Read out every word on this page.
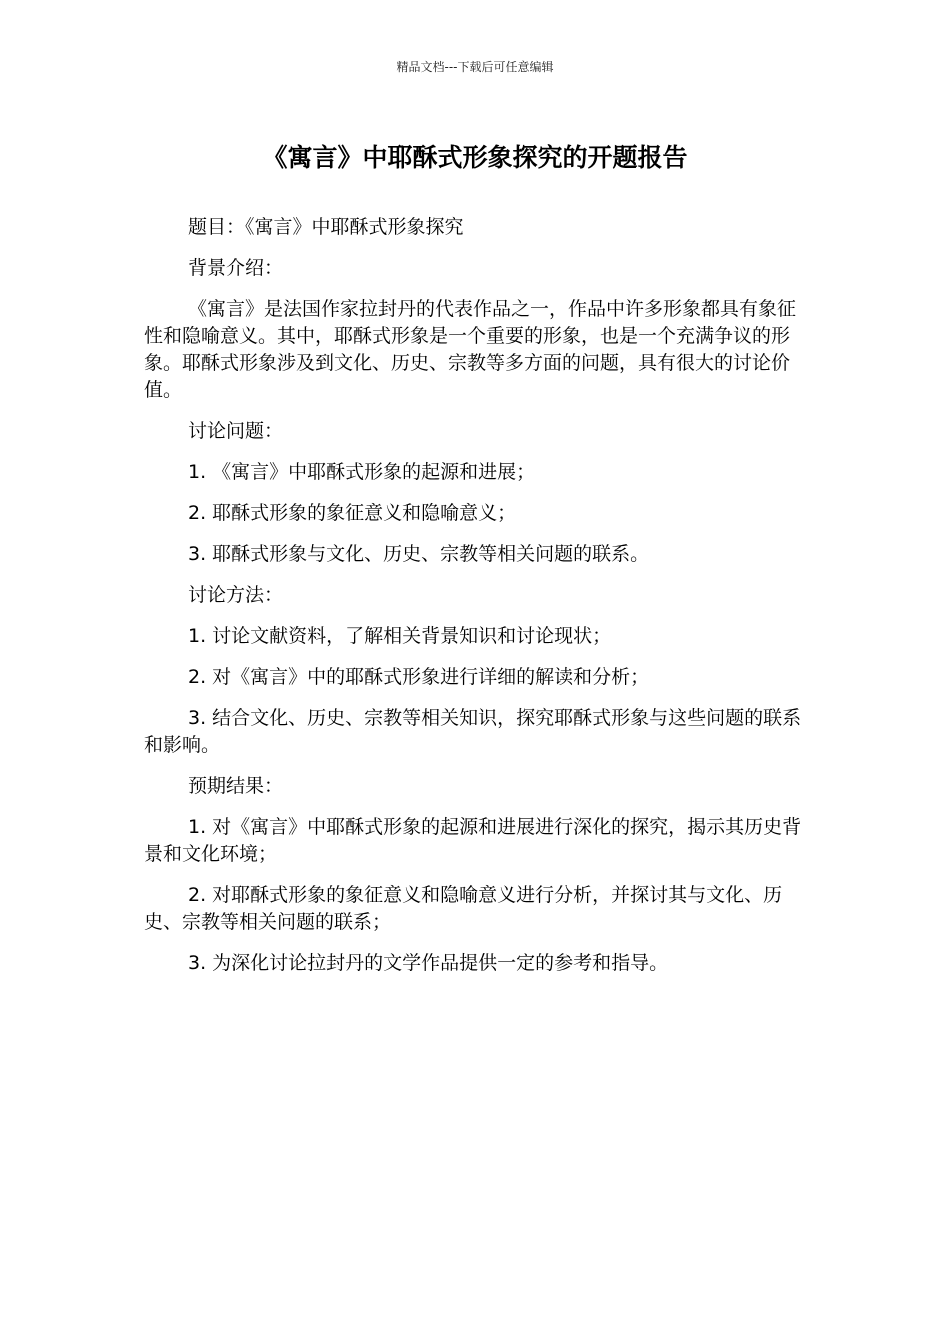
精品文档---下载后可任意编辑
《寓言》中耶酥式形象探究的开题报告

题目：《寓言》中耶酥式形象探究

背景介绍：

《寓言》是法国作家拉封丹的代表作品之一，作品中许多形象都具有象征性和隐喻意义。其中，耶酥式形象是一个重要的形象，也是一个充满争议的形象。耶酥式形象涉及到文化、历史、宗教等多方面的问题，具有很大的讨论价值。

讨论问题：

1. 《寓言》中耶酥式形象的起源和进展；

2. 耶酥式形象的象征意义和隐喻意义；

3. 耶酥式形象与文化、历史、宗教等相关问题的联系。

讨论方法：

1. 讨论文献资料，了解相关背景知识和讨论现状；

2. 对《寓言》中的耶酥式形象进行详细的解读和分析；

3. 结合文化、历史、宗教等相关知识，探究耶酥式形象与这些问题的联系和影响。

预期结果：

1. 对《寓言》中耶酥式形象的起源和进展进行深化的探究，揭示其历史背景和文化环境；

2. 对耶酥式形象的象征意义和隐喻意义进行分析，并探讨其与文化、历史、宗教等相关问题的联系；

3. 为深化讨论拉封丹的文学作品提供一定的参考和指导。
